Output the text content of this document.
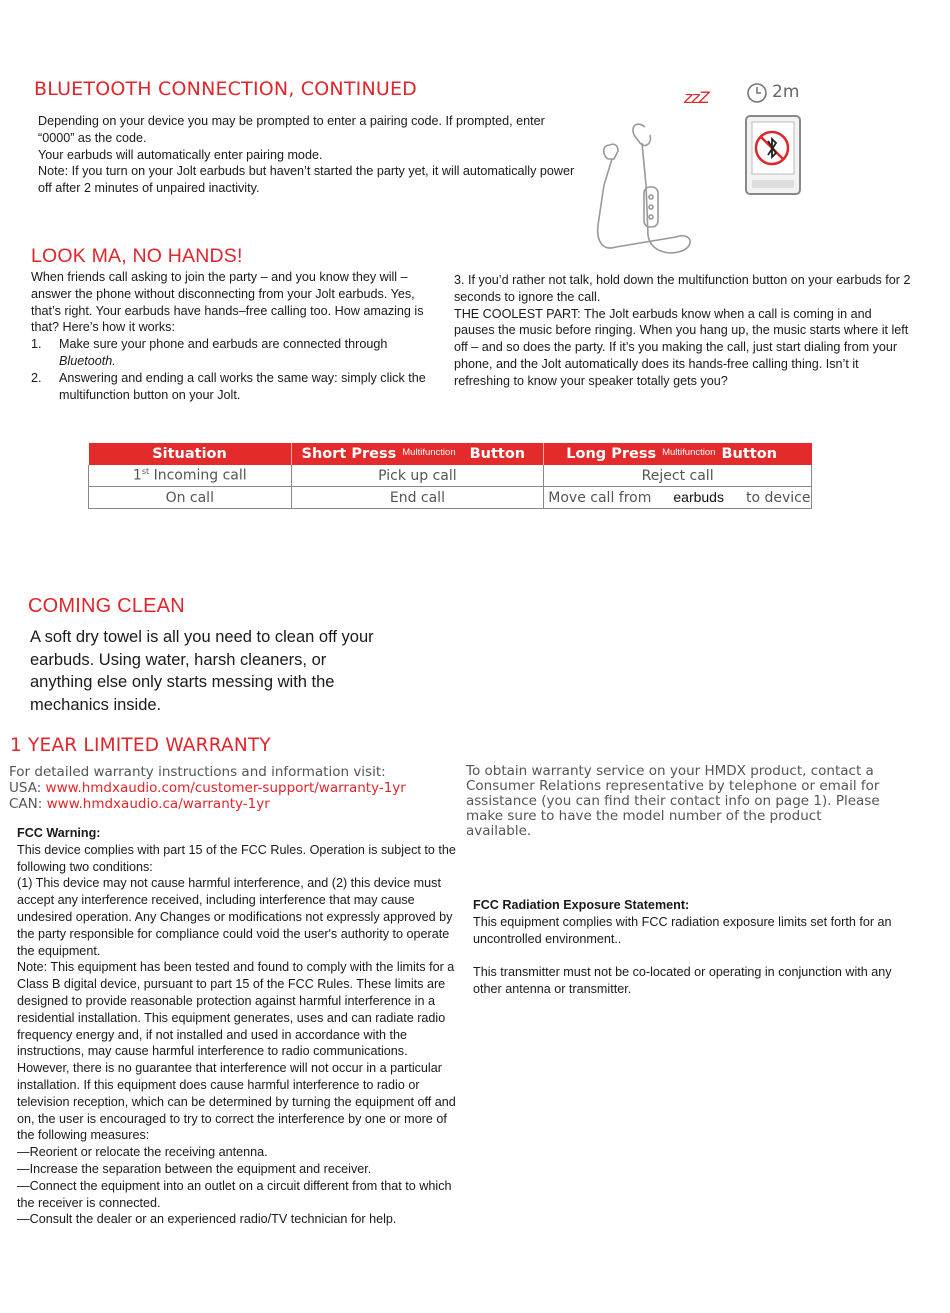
BLUETOOTH CONNECTION, CONTINUED

Depending on your device you may be prompted to enter a pairing code. If prompted, enter “0000” as the code.

Your earbuds will automatically enter pairing mode.

Note: If you turn on your Jolt earbuds but haven’t started the party yet, it will automatically power off after 2 minutes of unpaired inactivity.

zzZ	2m
LOOK MA, NO HANDS!

When friends call asking to join the party – and you know they will – answer the phone without disconnecting from your Jolt earbuds. Yes, that’s right. Your earbuds have hands–free calling too. How amazing is that? Here’s how it works:

1. Make sure your phone and earbuds are connected through Bluetooth.
2. Answering and ending a call works the same way: simply click the multifunction button on your Jolt.

3. If you’d rather not talk, hold down the multifunction button on your earbuds for 2 seconds to ignore the call.

THE COOLEST PART: The Jolt earbuds know when a call is coming in and pauses the music before ringing. When you hang up, the music starts where it left off – and so does the party. If it’s you making the call, just start dialing from your phone, and the Jolt automatically does its hands-free calling thing. Isn’t it refreshing to know your speaker totally gets you?

Situation	Short Press $^{Multifunction}$ Button	Long Press $^{Multifunction}$ Button
1st Incoming call	Pick up call	Reject call
On call	End call	Move call from earbuds to device
COMING CLEAN
A soft dry towel is all you need to clean off your earbuds. Using water, harsh cleaners, or anything else only starts messing with the mechanics inside.
1 YEAR LIMITED WARRANTY

For detailed warranty instructions and information visit:

USA: www.hmdxaudio.com/customer-support/warranty-1yr

CAN: www.hmdxaudio.ca/warranty-1yr

To obtain warranty service on your HMDX product, contact a Consumer Relations representative by telephone or email for assistance (you can find their contact info on page 1). Please make sure to have the model number of the product available.

FCC Warning:

This device complies with part 15 of the FCC Rules. Operation is subject to the following two conditions:

(1) This device may not cause harmful interference, and (2) this device must accept any interference received, including interference that may cause undesired operation. Any Changes or modifications not expressly approved by the party responsible for compliance could void the user's authority to operate the equipment.

Note: This equipment has been tested and found to comply with the limits for a Class B digital device, pursuant to part 15 of the FCC Rules. These limits are designed to provide reasonable protection against harmful interference in a residential installation. This equipment generates, uses and can radiate radio frequency energy and, if not installed and used in accordance with the instructions, may cause harmful interference to radio communications. However, there is no guarantee that interference will not occur in a particular installation. If this equipment does cause harmful interference to radio or television reception, which can be determined by turning the equipment off and on, the user is encouraged to try to correct the interference by one or more of the following measures:

—Reorient or relocate the receiving antenna.

—Increase the separation between the equipment and receiver.

—Connect the equipment into an outlet on a circuit different from that to which the receiver is connected.

—Consult the dealer or an experienced radio/TV technician for help.

FCC Radiation Exposure Statement:

This equipment complies with FCC radiation exposure limits set forth for an uncontrolled environment..

This transmitter must not be co-located or operating in conjunction with any other antenna or transmitter.
